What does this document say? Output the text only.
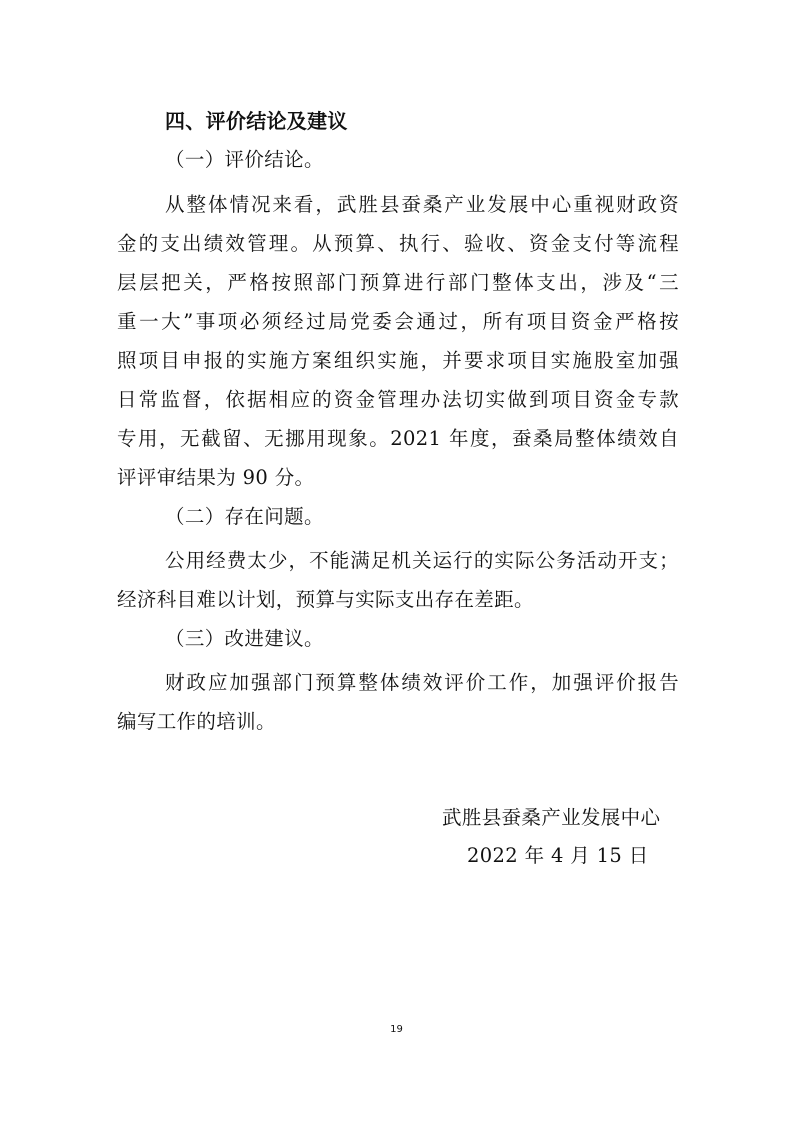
四、评价结论及建议
（一）评价结论。
从整体情况来看，武胜县蚕桑产业发展中心重视财政资
金的支出绩效管理。从预算、执行、验收、资金支付等流程
层层把关，严格按照部门预算进行部门整体支出，涉及“三
重一大”事项必须经过局党委会通过，所有项目资金严格按
照项目申报的实施方案组织实施，并要求项目实施股室加强
日常监督，依据相应的资金管理办法切实做到项目资金专款
专用，无截留、无挪用现象。2021 年度，蚕桑局整体绩效自
评评审结果为 90 分。
（二）存在问题。
公用经费太少，不能满足机关运行的实际公务活动开支；
经济科目难以计划，预算与实际支出存在差距。
（三）改进建议。
财政应加强部门预算整体绩效评价工作，加强评价报告
编写工作的培训。
武胜县蚕桑产业发展中心
2022 年 4 月 15 日
19
